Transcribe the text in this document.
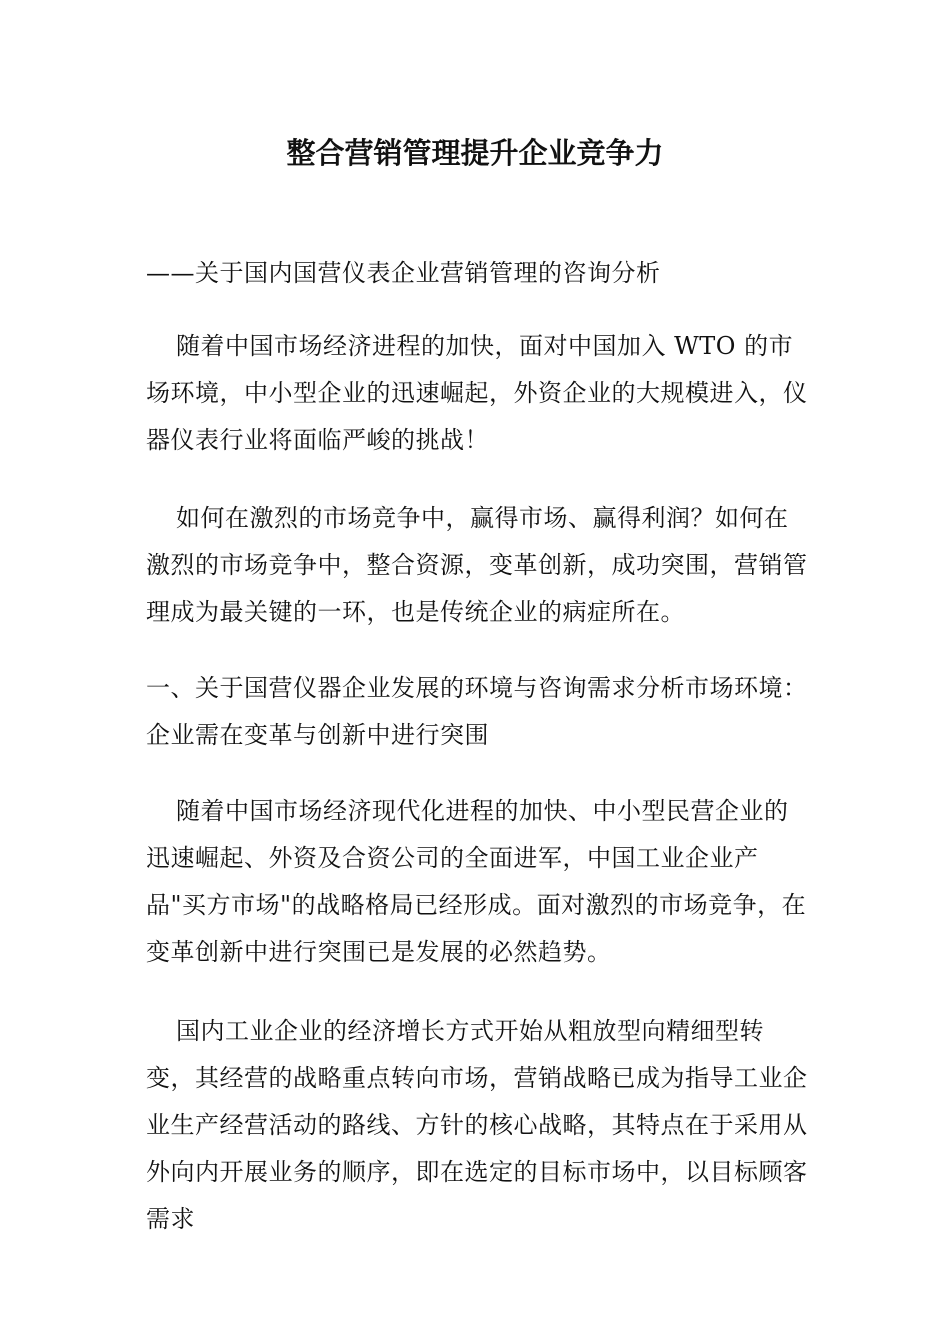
整合营销管理提升企业竞争力

——关于国内国营仪表企业营销管理的咨询分析

随着中国市场经济进程的加快，面对中国加入 WTO 的市场环境，中小型企业的迅速崛起，外资企业的大规模进入，仪器仪表行业将面临严峻的挑战！

如何在激烈的市场竞争中，赢得市场、赢得利润？如何在激烈的市场竞争中，整合资源，变革创新，成功突围，营销管理成为最关键的一环，也是传统企业的病症所在。

一、关于国营仪器企业发展的环境与咨询需求分析市场环境：企业需在变革与创新中进行突围

随着中国市场经济现代化进程的加快、中小型民营企业的迅速崛起、外资及合资公司的全面进军，中国工业企业产品"买方市场"的战略格局已经形成。面对激烈的市场竞争，在变革创新中进行突围已是发展的必然趋势。

国内工业企业的经济增长方式开始从粗放型向精细型转变，其经营的战略重点转向市场，营销战略已成为指导工业企业生产经营活动的路线、方针的核心战略，其特点在于采用从外向内开展业务的顺序，即在选定的目标市场中，以目标顾客需求
